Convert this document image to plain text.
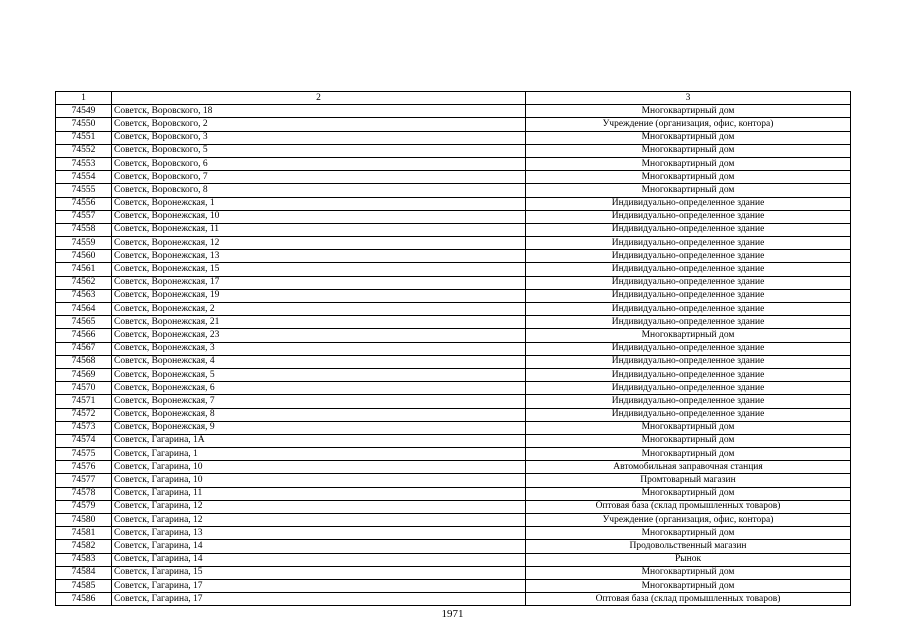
1	2	3
74549	Советск, Воровского, 18	Многоквартирный дом
74550	Советск, Воровского, 2	Учреждение (организация, офис, контора)
74551	Советск, Воровского, 3	Многоквартирный дом
74552	Советск, Воровского, 5	Многоквартирный дом
74553	Советск, Воровского, 6	Многоквартирный дом
74554	Советск, Воровского, 7	Многоквартирный дом
74555	Советск, Воровского, 8	Многоквартирный дом
74556	Советск, Воронежская, 1	Индивидуально-определенное здание
74557	Советск, Воронежская, 10	Индивидуально-определенное здание
74558	Советск, Воронежская, 11	Индивидуально-определенное здание
74559	Советск, Воронежская, 12	Индивидуально-определенное здание
74560	Советск, Воронежская, 13	Индивидуально-определенное здание
74561	Советск, Воронежская, 15	Индивидуально-определенное здание
74562	Советск, Воронежская, 17	Индивидуально-определенное здание
74563	Советск, Воронежская, 19	Индивидуально-определенное здание
74564	Советск, Воронежская, 2	Индивидуально-определенное здание
74565	Советск, Воронежская, 21	Индивидуально-определенное здание
74566	Советск, Воронежская, 23	Многоквартирный дом
74567	Советск, Воронежская, 3	Индивидуально-определенное здание
74568	Советск, Воронежская, 4	Индивидуально-определенное здание
74569	Советск, Воронежская, 5	Индивидуально-определенное здание
74570	Советск, Воронежская, 6	Индивидуально-определенное здание
74571	Советск, Воронежская, 7	Индивидуально-определенное здание
74572	Советск, Воронежская, 8	Индивидуально-определенное здание
74573	Советск, Воронежская, 9	Многоквартирный дом
74574	Советск, Гагарина, 1А	Многоквартирный дом
74575	Советск, Гагарина, 1	Многоквартирный дом
74576	Советск, Гагарина, 10	Автомобильная заправочная станция
74577	Советск, Гагарина, 10	Промтоварный магазин
74578	Советск, Гагарина, 11	Многоквартирный дом
74579	Советск, Гагарина, 12	Оптовая база (склад промышленных товаров)
74580	Советск, Гагарина, 12	Учреждение (организация, офис, контора)
74581	Советск, Гагарина, 13	Многоквартирный дом
74582	Советск, Гагарина, 14	Продовольственный магазин
74583	Советск, Гагарина, 14	Рынок
74584	Советск, Гагарина, 15	Многоквартирный дом
74585	Советск, Гагарина, 17	Многоквартирный дом
74586	Советск, Гагарина, 17	Оптовая база (склад промышленных товаров)
1971
